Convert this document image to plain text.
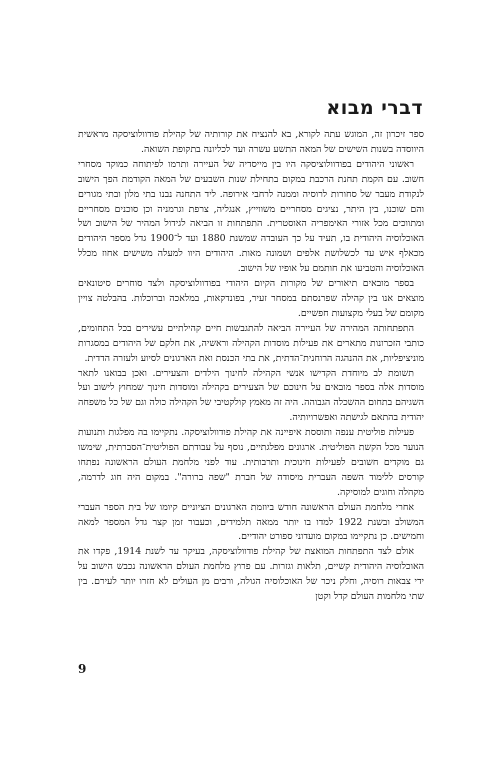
דברי מבוא

ספר זיכרון זה, המוגש עתה לקורא, בא להנציח את קורותיה של קהילת פודוולוציסקה מראשית היווסדה בשנות השישים של המאה התשע עשרה ועד לכליונה בתקופת השואה.

ראשוני היהודים בפודוולוציסקה היו בין מייסדיה של העיירה ותרמו לפיתוחה כמוקד מסחרי חשוב. עם הקמת תחנת הרכבת במקום בתחילת שנות השבעים של המאה הקודמת הפך הישוב לנקודת מעבר של סחורות לרוסיה וממנה לרחבי אירופה. ליד התחנה נבנו בתי מלון ובתי מגורים והם שוכנו, בין היתר, נציגים מסחריים משווייץ, אנגליה, צרפת וגרמניה וכן סוכנים מסחריים ומתווכים מכל אזורי האימפריה האוסטרית. התפתחות זו הביאה לגידול המהיר של הישוב ושל האוכלוסיה היהודית בו, תעיד על כך העובדה שמשנת 1880 ועד ל־1900 גדל מספר היהודים מכאלף איש עד לכשלושת אלפים ושמונה מאות. היהודים היוו למעלה משישים אחוז מכלל האוכלוסיה והטביעו את חותמם על אופיו של הישוב.

בספר מובאים תיאורים של מקורות הקיום היהודי בפודוולוציסקה ולצד סוחרים סיטונאים מוצאים אנו בין קהילה שפרנסתם במסחר זעיר, בפונדקאות, במלאכה וברוכלות. בהבלטה צויין מקומם של בעלי מקצועות חפשיים.

התפתחותה המהירה של העיירה הביאה להתגבשות חיים קהילתיים עשירים בכל התחומים, כותבי הזכרונות מתארים את פעילות מוסדות הקהילה וראשיה, את חלקם של היהודים במסגרות מוניציפליות, את ההנהגה הרוחנית־הדתית, את בתי הכנסת ואת הארגונים לסיוע ולעזרה הדדית.

תשומת לב מיוחדת הקדישו אנשי הקהילה לחינוך הילדים והצעירים. ואכן בבואנו לתאר מוסדות אלה בספר מובאים על חינוכם של הצעירים בקהילה ומוסדות חינוך שמחוץ לישוב ועל השגיהם בתחום ההשכלה הגבוהה. היה זה מאמץ קולקטיבי של הקהילה כולה וגם של כל משפחה יהודית בהתאם לגישתה ואפשרויותיה.

פעילות פוליטית ענפה ותוססת איפיינה את קהילת פודוולוציסקה. נתקיימו בה מפלגות ותנועות הנוער מכל הקשת הפוליטית. ארגונים מפלגתיים, נוסף על עבודתם הפוליטית־הסברתית, שימשו גם מוקדים חשובים לפעילות חינוכית ותרבותית. עוד לפני מלחמת העולם הראשונה נפתחו קורסים ללימוד השפה העברית מיסודה של חברת "שפה ברורה". במקום היה חוג לדרמה, מקהלה וחוגים למוסיקה.

אחרי מלחמת העולם הראשונה חודש ביוזמת הארגונים הציוניים קיומו של בית הספר העברי המשולב ובשנת 1922 למדו בו יותר ממאה תלמידים, וכעבור זמן קצר גדל המספר למאה וחמישים. כן נתקיימו במקום מועדוני ספורט יהודיים.

אולם לצד התפתחות המואצת של קהילת פודוולוציסקה, בעיקר עד לשנת 1914, פקדו את האוכלוסיה היהודית קשיים, תלאות וגזרות. עם פרוץ מלחמת העולם הראשונה נכבש הישוב על ידי צבאות רוסיה, וחלק ניכר של האוכלוסיה הגולה, ורבים מן העולים לא חזרו יותר לעירם. בין שתי מלחמות העולם קדל וקטן

9
